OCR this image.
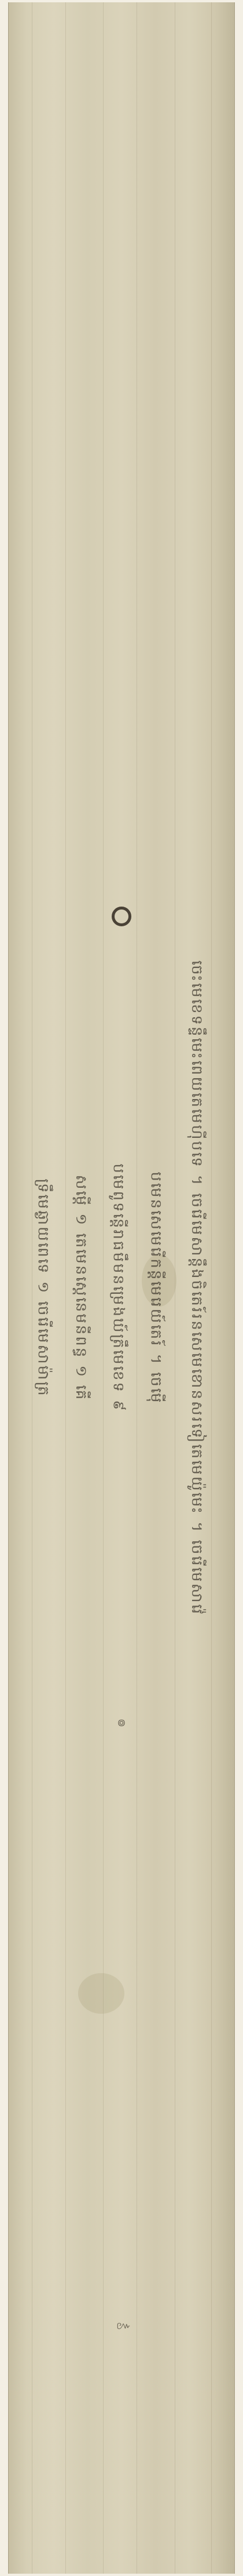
ចេះមេខេទន្ទឹមេះពេយតេមេហ៊ីបទេ ។ ចេរើមេសាន្ដឹងចិតេរ៍រនសេមេខោនសរទៀតេមេយ៉ូមេះ ។ ចេរើមេសាវ៉េ
បមេនសេមេរើកន្តីមេរេយ៍តេរ៍ ។ ចេម៉ើ
បមេពូទន្ដើរាធមឹមនម្រេងឃ៍ត្រឹមេខេទ ៩
សម្ដើ ១ តេមេនស្តេនេមនីពន្ធ ១ គើ
ទ្រឹមេឆ្ងាយពេទេ ១ ចេរើមេសាម៉ាត្រ
៙
៚
